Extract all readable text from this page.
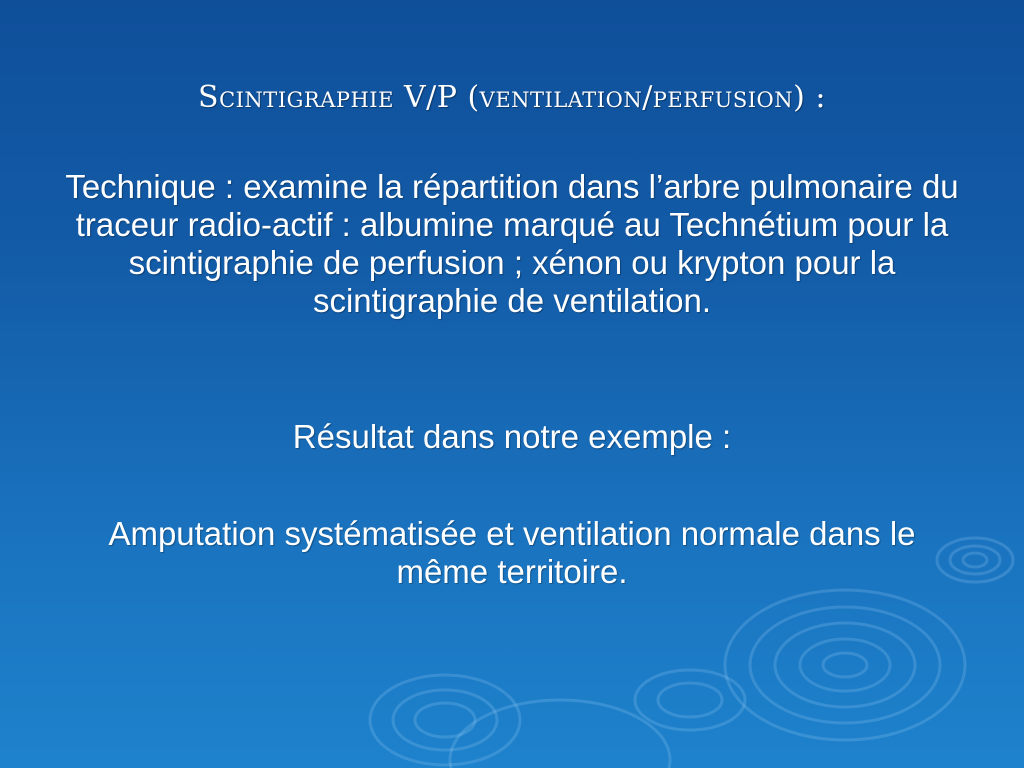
Scintigraphie V/P (ventilation/perfusion) :
Technique : examine la répartition dans l’arbre pulmonaire du traceur radio-actif : albumine marqué au Technétium pour la scintigraphie de perfusion ; xénon ou krypton pour la scintigraphie de ventilation.
Résultat dans notre exemple :
Amputation systématisée et ventilation normale dans le même territoire.
